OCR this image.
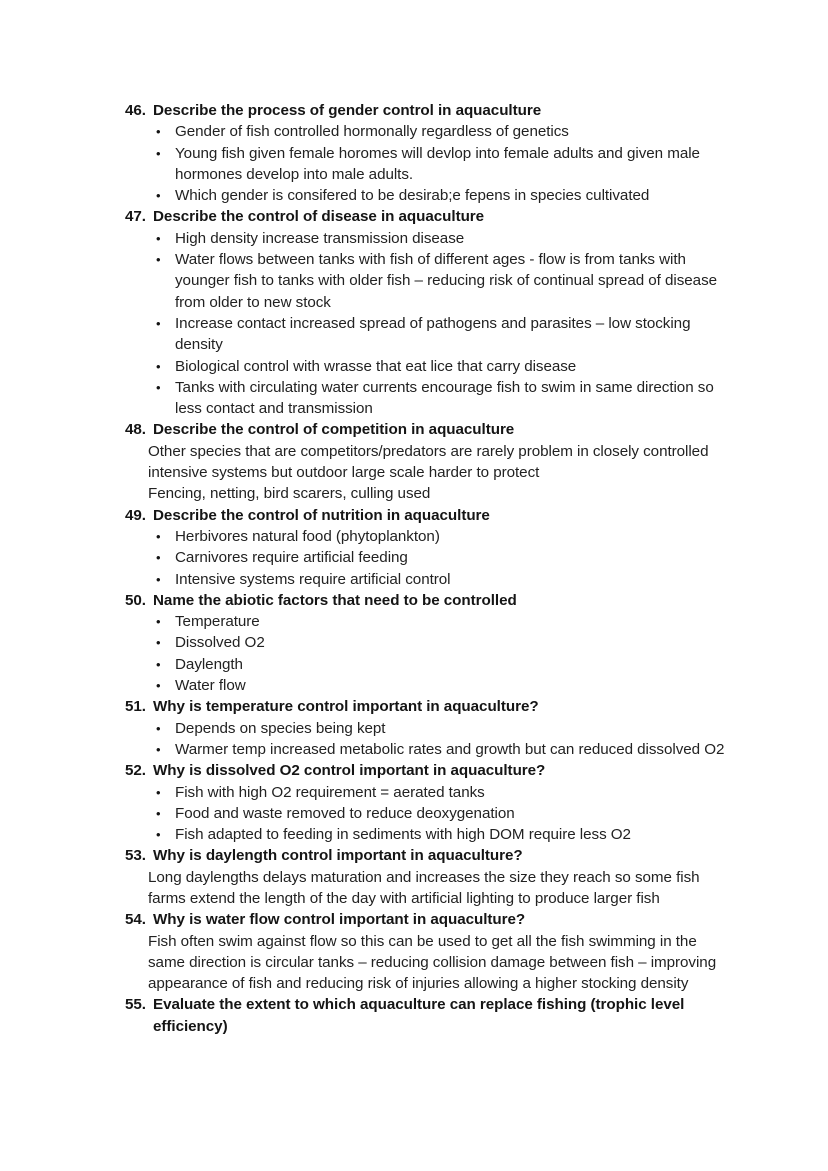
46. Describe the process of gender control in aquaculture
• Gender of fish controlled hormonally regardless of genetics
• Young fish given female horomes will devlop into female adults and given male hormones develop into male adults.
• Which gender is consifered to be desirab;e fepens in species cultivated
47. Describe the control of disease in aquaculture
• High density increase transmission disease
• Water flows between tanks with fish of different ages - flow is from tanks with younger fish to tanks with older fish – reducing risk of continual spread of disease from older to new stock
• Increase contact increased spread of pathogens and parasites – low stocking density
• Biological control with wrasse that eat lice that carry disease
• Tanks with circulating water currents encourage fish to swim in same direction so less contact and transmission
48. Describe the control of competition in aquaculture

Other species that are competitors/predators are rarely problem in closely controlled intensive systems but outdoor large scale harder to protect

Fencing, netting, bird scarers, culling used

49. Describe the control of nutrition in aquaculture
• Herbivores natural food (phytoplankton)
• Carnivores require artificial feeding
• Intensive systems require artificial control
50. Name the abiotic factors that need to be controlled
• Temperature
• Dissolved O2
• Daylength
• Water flow
51. Why is temperature control important in aquaculture?
• Depends on species being kept
• Warmer temp increased metabolic rates and growth but can reduced dissolved O2
52. Why is dissolved O2 control important in aquaculture?
• Fish with high O2 requirement = aerated tanks
• Food and waste removed to reduce deoxygenation
• Fish adapted to feeding in sediments with high DOM require less O2
53. Why is daylength control important in aquaculture?

Long daylengths delays maturation and increases the size they reach so some fish farms extend the length of the day with artificial lighting to produce larger fish

54. Why is water flow control important in aquaculture?

Fish often swim against flow so this can be used to get all the fish swimming in the same direction is circular tanks – reducing collision damage between fish – improving appearance of fish and reducing risk of injuries allowing a higher stocking density

55. Evaluate the extent to which aquaculture can replace fishing (trophic level efficiency)
